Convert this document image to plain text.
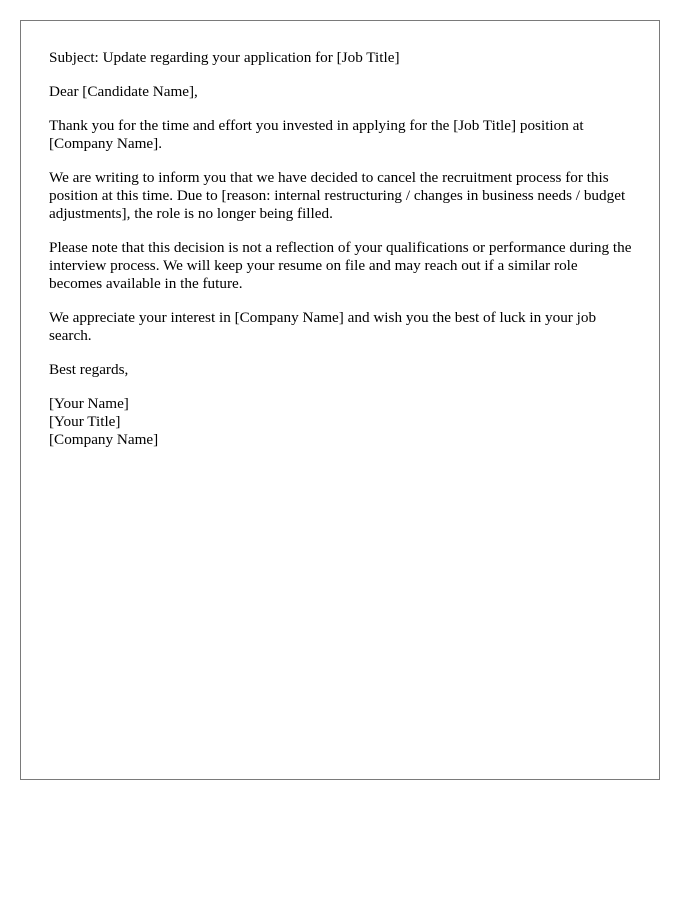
Subject: Update regarding your application for [Job Title]

Dear [Candidate Name],

Thank you for the time and effort you invested in applying for the [Job Title] position at [Company Name].

We are writing to inform you that we have decided to cancel the recruitment process for this position at this time. Due to [reason: internal restructuring / changes in business needs / budget adjustments], the role is no longer being filled.

Please note that this decision is not a reflection of your qualifications or performance during the interview process. We will keep your resume on file and may reach out if a similar role becomes available in the future.

We appreciate your interest in [Company Name] and wish you the best of luck in your job search.

Best regards,

[Your Name]

[Your Title]

[Company Name]
